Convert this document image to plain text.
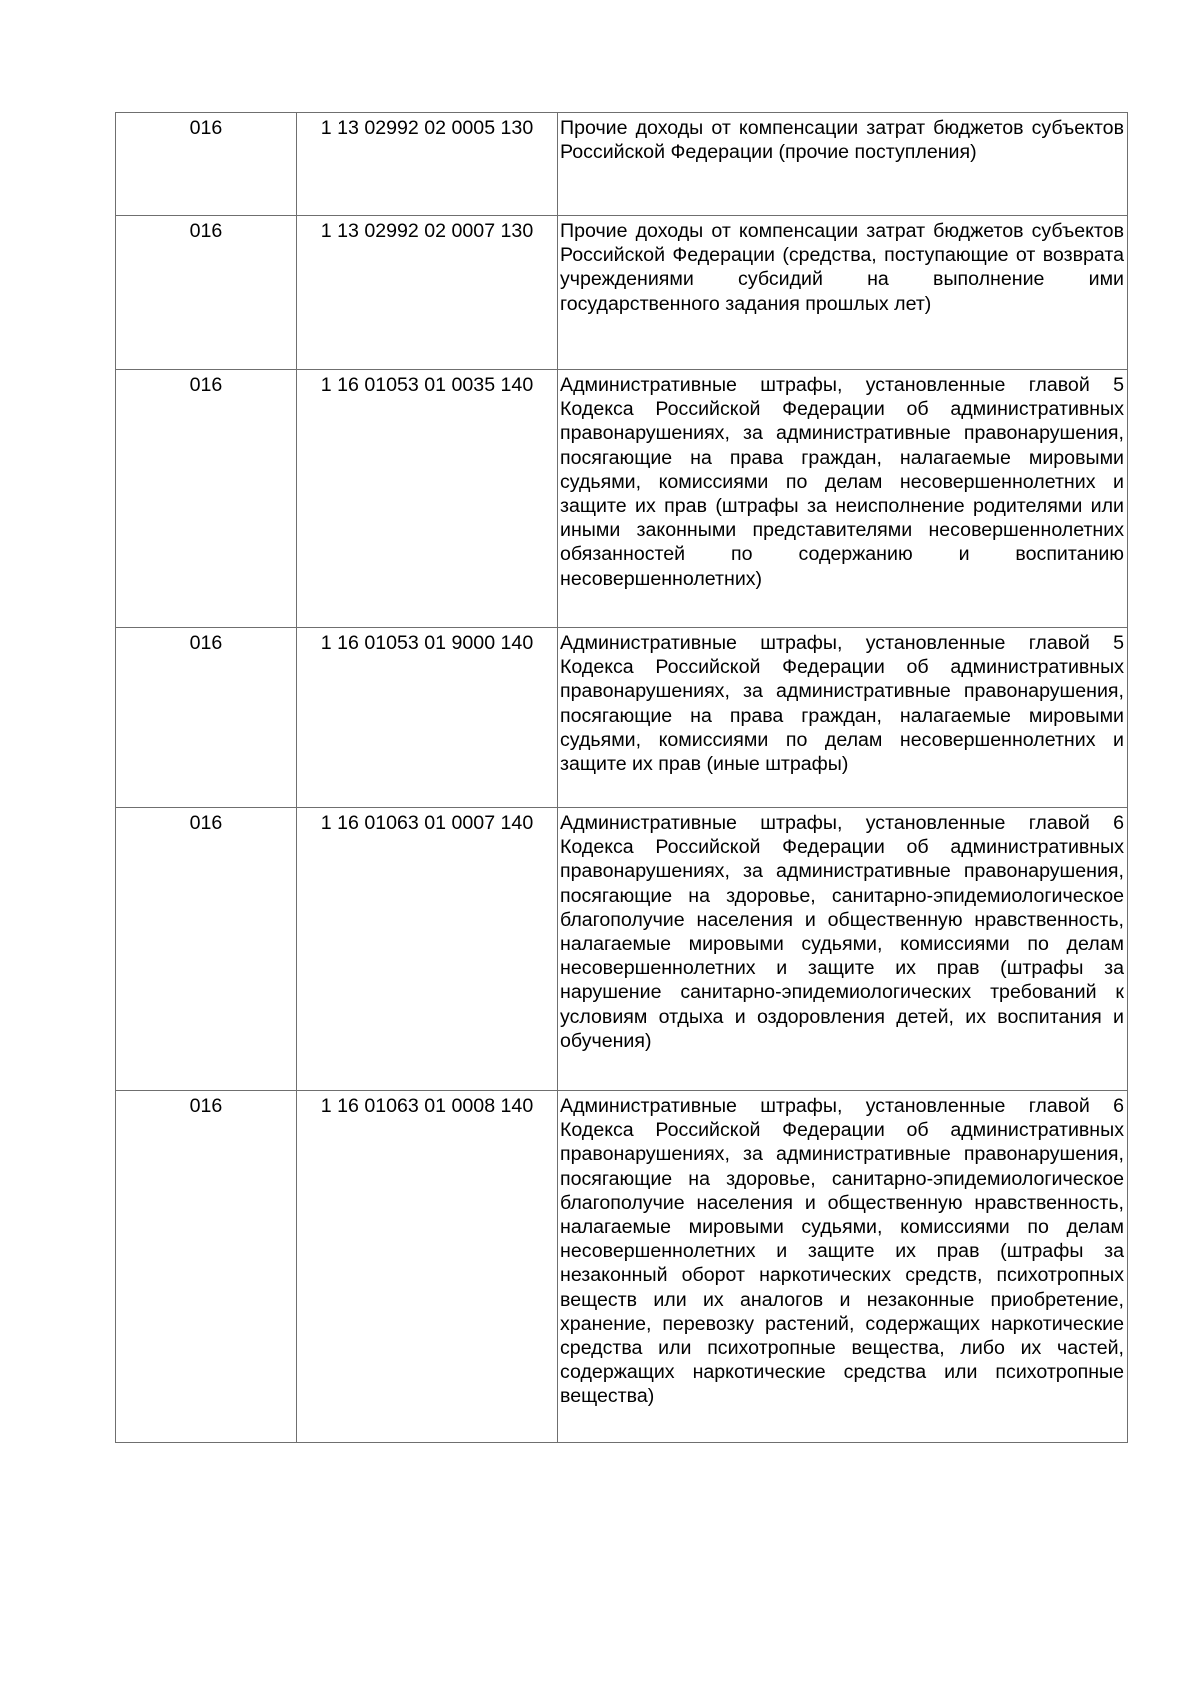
016	1 13 02992 02 0005 130	Прочие доходы от компенсации затрат бюджетов субъектов Российской Федерации (прочие поступления)

016	1 13 02992 02 0007 130	Прочие доходы от компенсации затрат бюджетов субъектов Российской Федерации (средства, поступающие от возврата учреждениями субсидий на выполнение ими государственного задания прошлых лет)

016	1 16 01053 01 0035 140	Административные штрафы, установленные главой 5 Кодекса Российской Федерации об административных правонарушениях, за административные правонарушения, посягающие на права граждан, налагаемые мировыми судьями, комиссиями по делам несовершеннолетних и защите их прав (штрафы за неисполнение родителями или иными законными представителями несовершеннолетних обязанностей по содержанию и воспитанию несовершеннолетних)

016	1 16 01053 01 9000 140	Административные штрафы, установленные главой 5 Кодекса Российской Федерации об административных правонарушениях, за административные правонарушения, посягающие на права граждан, налагаемые мировыми судьями, комиссиями по делам несовершеннолетних и защите их прав (иные штрафы)

016	1 16 01063 01 0007 140	Административные штрафы, установленные главой 6 Кодекса Российской Федерации об административных правонарушениях, за административные правонарушения, посягающие на здоровье, санитарно-эпидемиологическое благополучие населения и общественную нравственность, налагаемые мировыми судьями, комиссиями по делам несовершеннолетних и защите их прав (штрафы за нарушение санитарно-эпидемиологических требований к условиям отдыха и оздоровления детей, их воспитания и обучения)

016	1 16 01063 01 0008 140	Административные штрафы, установленные главой 6 Кодекса Российской Федерации об административных правонарушениях, за административные правонарушения, посягающие на здоровье, санитарно-эпидемиологическое благополучие населения и общественную нравственность, налагаемые мировыми судьями, комиссиями по делам несовершеннолетних и защите их прав (штрафы за незаконный оборот наркотических средств, психотропных веществ или их аналогов и незаконные приобретение, хранение, перевозку растений, содержащих наркотические средства или психотропные вещества, либо их частей, содержащих наркотические средства или психотропные вещества)
